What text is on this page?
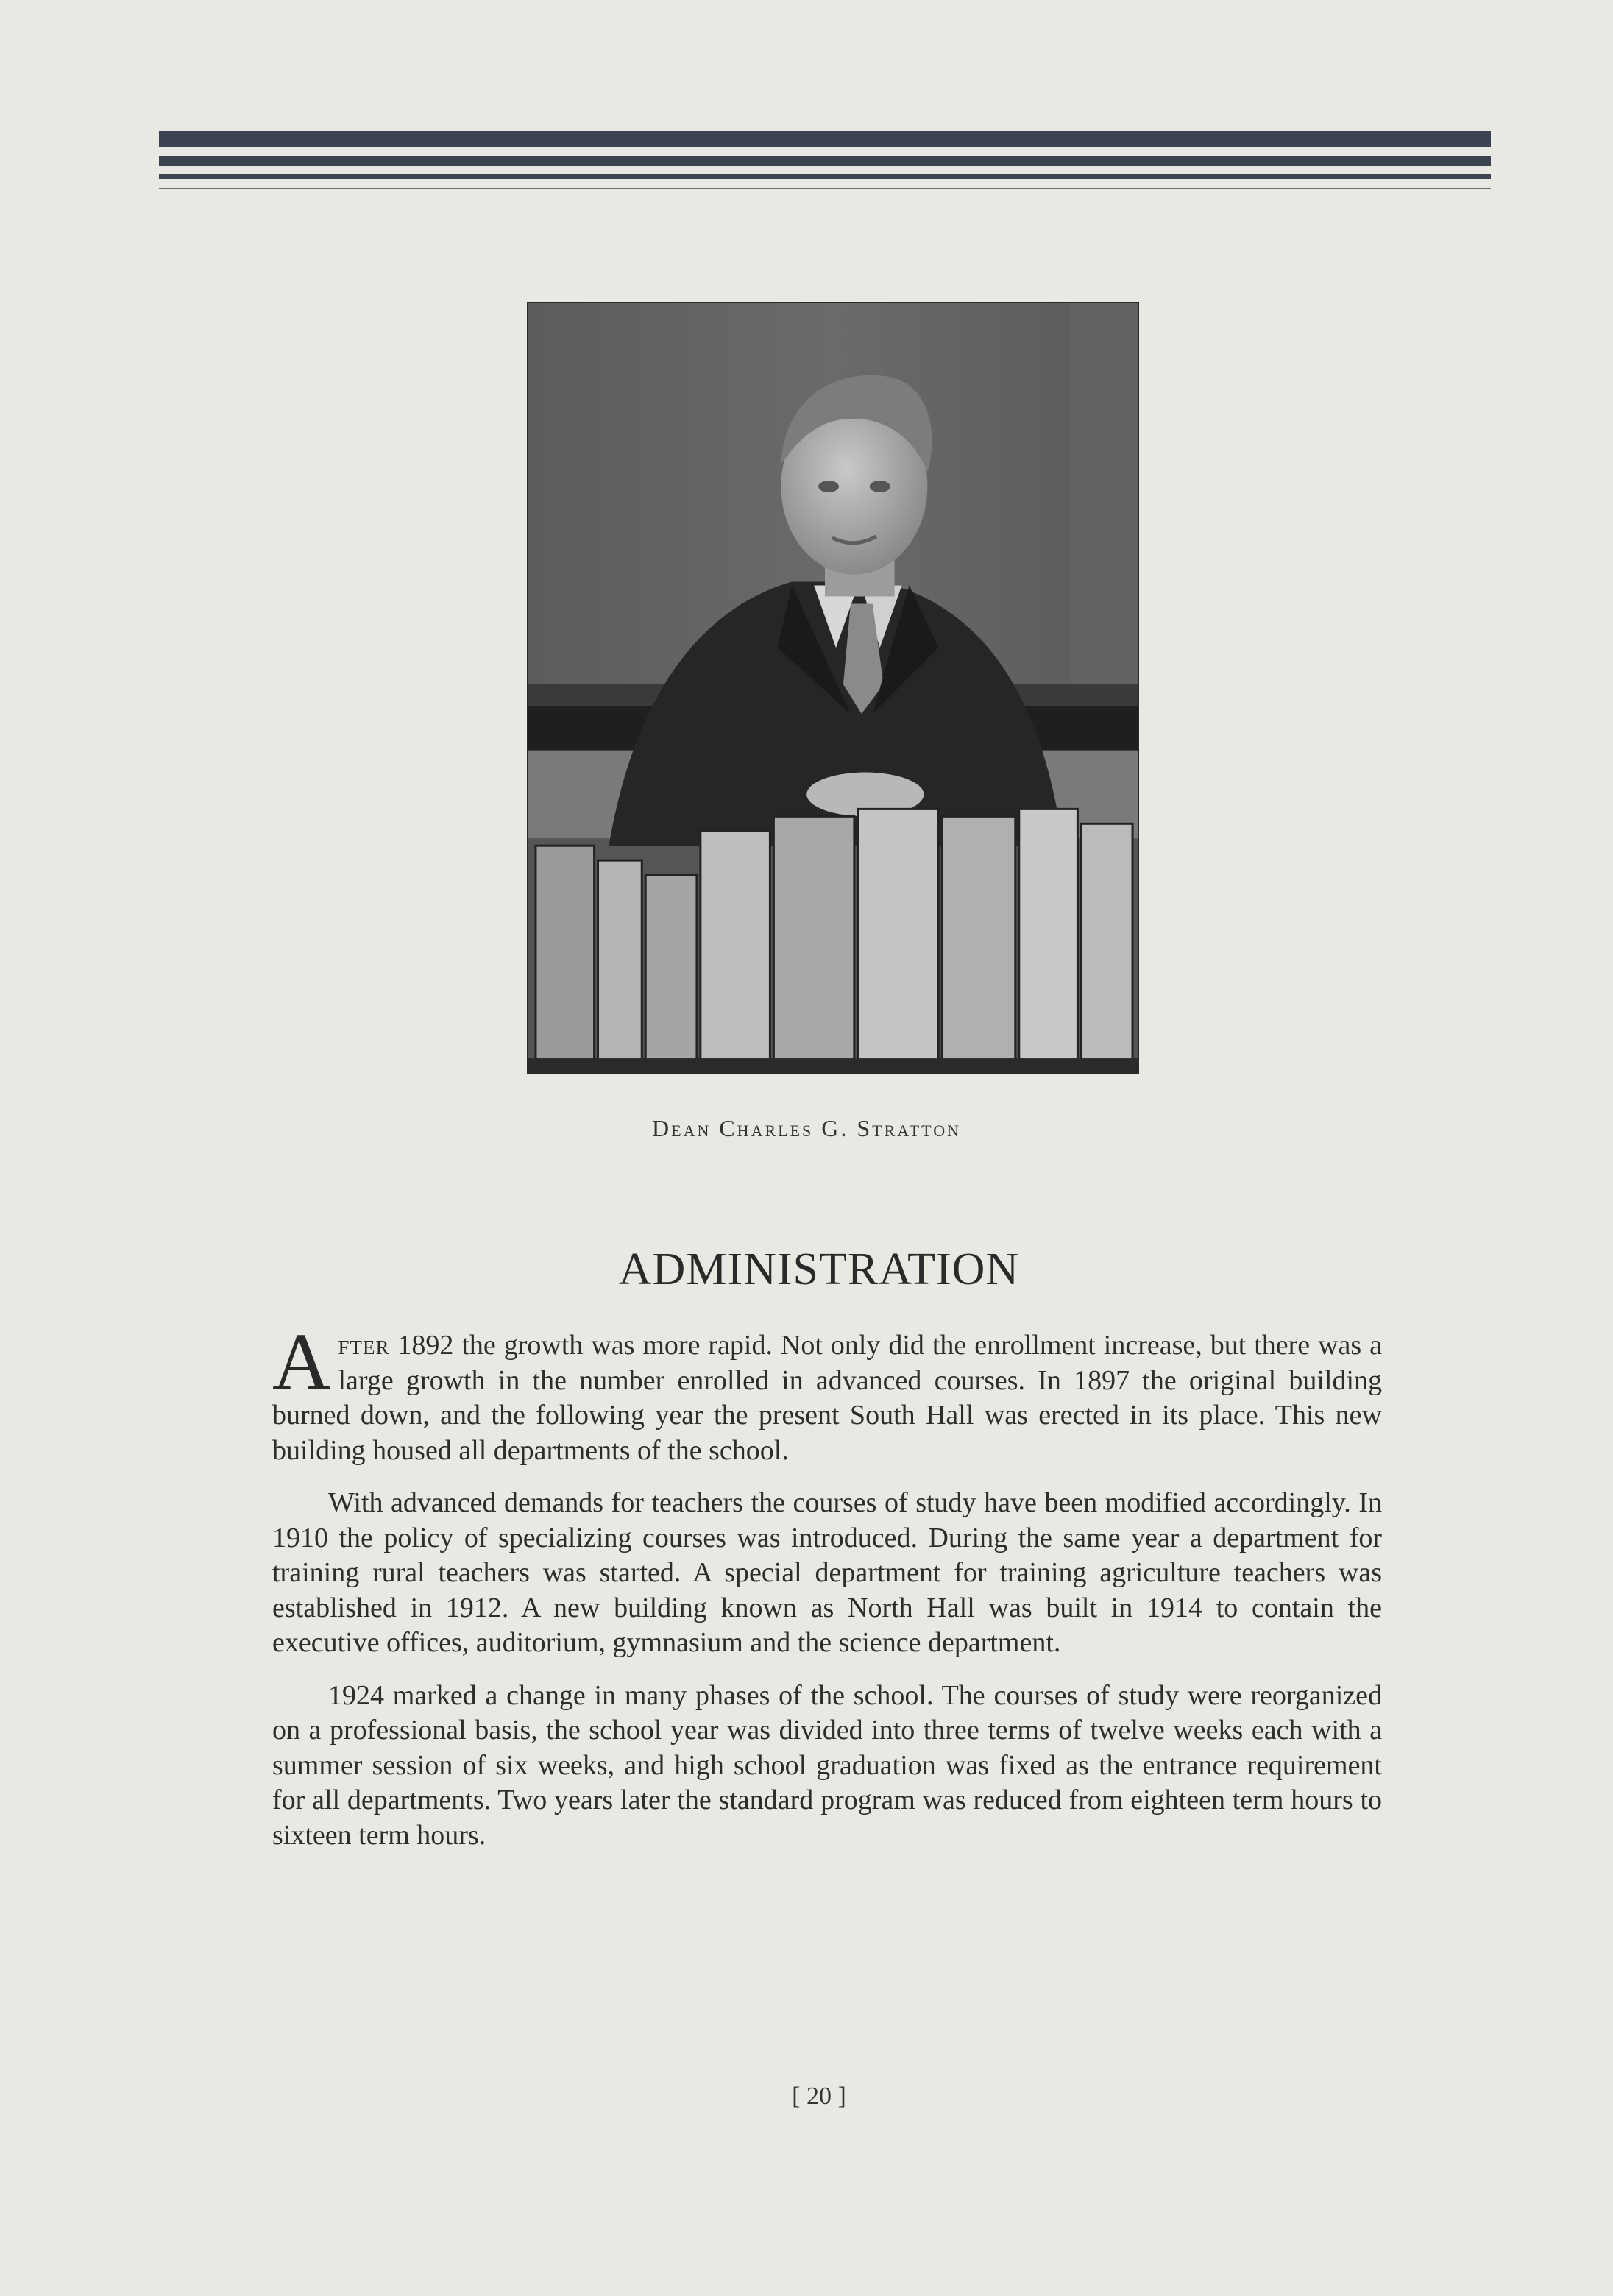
Dean Charles G. Stratton
ADMINISTRATION

After 1892 the growth was more rapid. Not only did the enrollment increase, but there was a large growth in the number enrolled in advanced courses. In 1897 the original building burned down, and the following year the present South Hall was erected in its place. This new building housed all departments of the school.

With advanced demands for teachers the courses of study have been modified accordingly. In 1910 the policy of specializing courses was introduced. During the same year a department for training rural teachers was started. A special department for training agriculture teachers was established in 1912. A new building known as North Hall was built in 1914 to contain the executive offices, auditorium, gymnasium and the science department.

1924 marked a change in many phases of the school. The courses of study were reorganized on a professional basis, the school year was divided into three terms of twelve weeks each with a summer session of six weeks, and high school graduation was fixed as the entrance requirement for all departments. Two years later the standard program was reduced from eighteen term hours to sixteen term hours.

[ 20 ]
